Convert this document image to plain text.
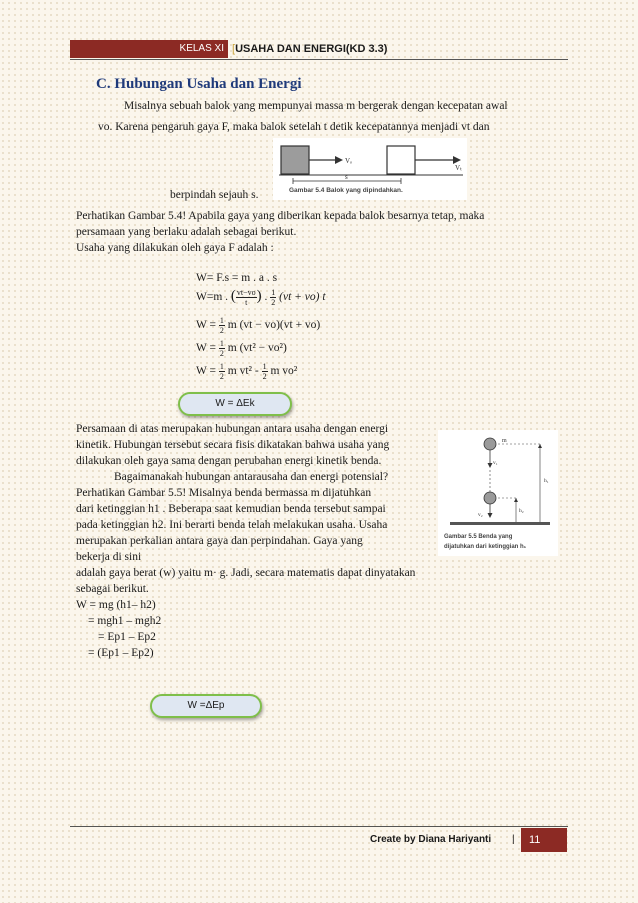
KELAS XI [USAHA DAN ENERGI(KD 3.3)
C. Hubungan Usaha dan Energi
Misalnya sebuah balok yang mempunyai massa m bergerak dengan kecepatan awal
vo. Karena pengaruh gaya F, maka balok setelah t detik kecepatannya menjadi vt dan
berpindah sejauh s.
Vₒ
Vₜ
s
Gambar 5.4 Balok yang dipindahkan.
Perhatikan Gambar 5.4! Apabila gaya yang diberikan kepada balok besarnya tetap, maka
persamaan yang berlaku adalah sebagai berikut.
Usaha yang dilakukan oleh gaya F adalah :
W= F.s = m . a . s
W=m . ( $\frac{vt-vo}{t}$ ) . $\frac{1}{2} (vt + vo)$ t
$W = \frac{1}{2}$ m (vt − vo)(vt + vo)
$W = \frac{1}{2}$ m (vt² − vo²)
$W = \frac{1}{2}$ m $vt^2 - \frac{1}{2}$ m vo²
W = ΔEk
Persamaan di atas merupakan hubungan antara usaha dengan energi
kinetik. Hubungan tersebut secara fisis dikatakan bahwa usaha yang
dilakukan oleh gaya sama dengan perubahan energi kinetik benda.
Bagaimanakah hubungan antarausaha dan energi potensial?
Perhatikan Gambar 5.5! Misalnya benda bermassa m dijatuhkan
dari ketinggian h1 . Beberapa saat kemudian benda tersebut sampai
pada ketinggian h2. Ini berarti benda telah melakukan usaha. Usaha
merupakan perkalian antara gaya dan perpindahan. Gaya yang
bekerja di sini
adalah gaya berat (w) yaitu m· g. Jadi, secara matematis dapat dinyatakan
sebagai berikut.
m
v₁
v₂
h₁
h₂
Gambar 5.5 Benda yang
dijatuhkan dari ketinggian h₁
W = mg (h1– h2)
= mgh1 – mgh2
= Ep1 – Ep2
= (Ep1 – Ep2)
W =ΔEp
Create by Diana Hariyanti |	11
